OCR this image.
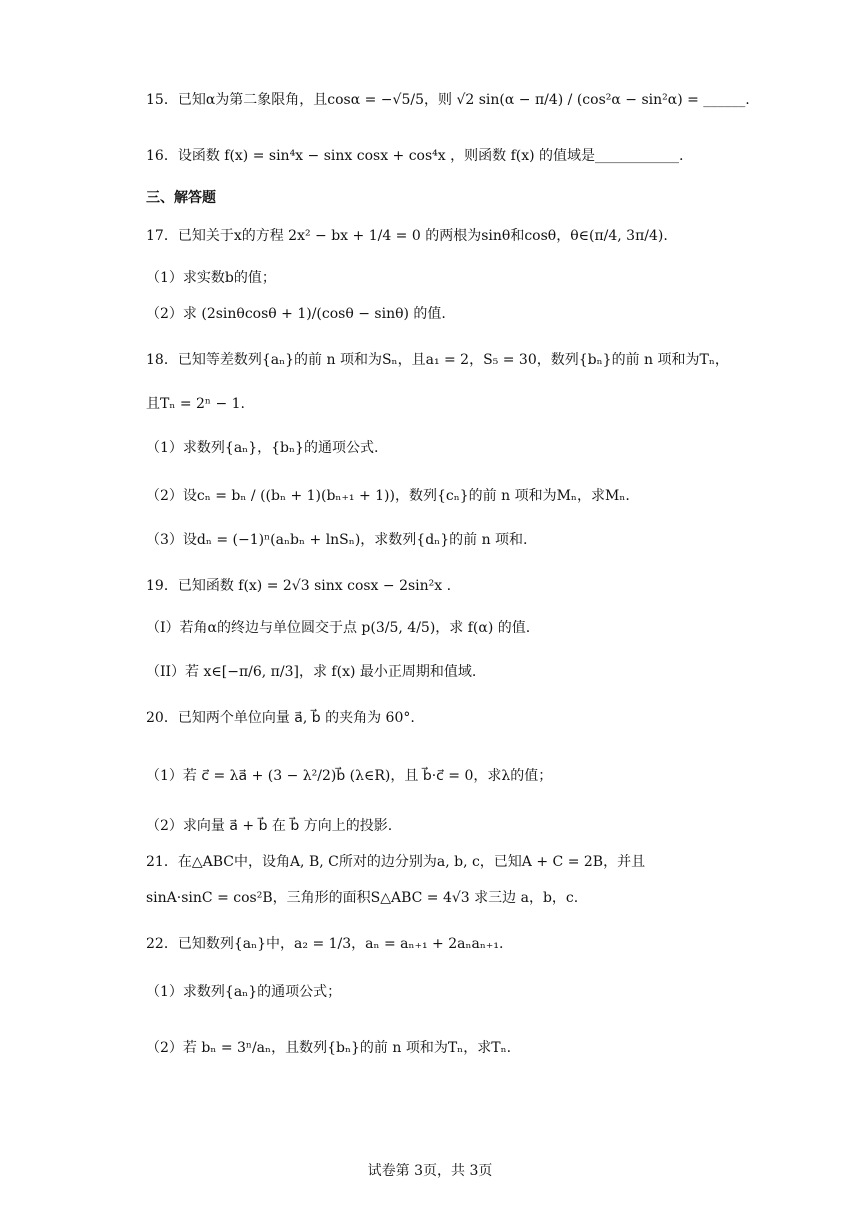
15．已知α为第二象限角，且cosα = −√5/5，则 √2 sin(α − π/4) / (cos²α − sin²α) = ______.
16．设函数 f(x) = sin⁴x − sinx cosx + cos⁴x ，则函数 f(x) 的值域是____________.
三、解答题
17．已知关于x的方程 2x² − bx + 1/4 = 0 的两根为sinθ和cosθ，θ∈(π/4, 3π/4).
（1）求实数b的值；
（2）求 (2sinθcosθ + 1)/(cosθ − sinθ) 的值.
18．已知等差数列{aₙ}的前 n 项和为Sₙ，且a₁ = 2，S₅ = 30，数列{bₙ}的前 n 项和为Tₙ，
且Tₙ = 2ⁿ − 1.
（1）求数列{aₙ}，{bₙ}的通项公式.
（2）设cₙ = bₙ / ((bₙ + 1)(bₙ₊₁ + 1))，数列{cₙ}的前 n 项和为Mₙ，求Mₙ.
（3）设dₙ = (−1)ⁿ(aₙbₙ + lnSₙ)，求数列{dₙ}的前 n 项和.
19．已知函数 f(x) = 2√3 sinx cosx − 2sin²x .
（I）若角α的终边与单位圆交于点 p(3/5, 4/5)，求 f(α) 的值.
（II）若 x∈[−π/6, π/3]，求 f(x) 最小正周期和值域.
20．已知两个单位向量 a⃗, b⃗ 的夹角为 60°.
（1）若 c⃗ = λa⃗ + (3 − λ²/2)b⃗ (λ∈R)，且 b⃗·c⃗ = 0，求λ的值；
（2）求向量 a⃗ + b⃗ 在 b⃗ 方向上的投影.
21．在△ABC中，设角A, B, C所对的边分别为a, b, c，已知A + C = 2B，并且
sinA·sinC = cos²B，三角形的面积S△ABC = 4√3 求三边 a，b，c.
22．已知数列{aₙ}中，a₂ = 1/3，aₙ = aₙ₊₁ + 2aₙaₙ₊₁.
（1）求数列{aₙ}的通项公式；
（2）若 bₙ = 3ⁿ/aₙ，且数列{bₙ}的前 n 项和为Tₙ，求Tₙ.
试卷第 3页，共 3页
